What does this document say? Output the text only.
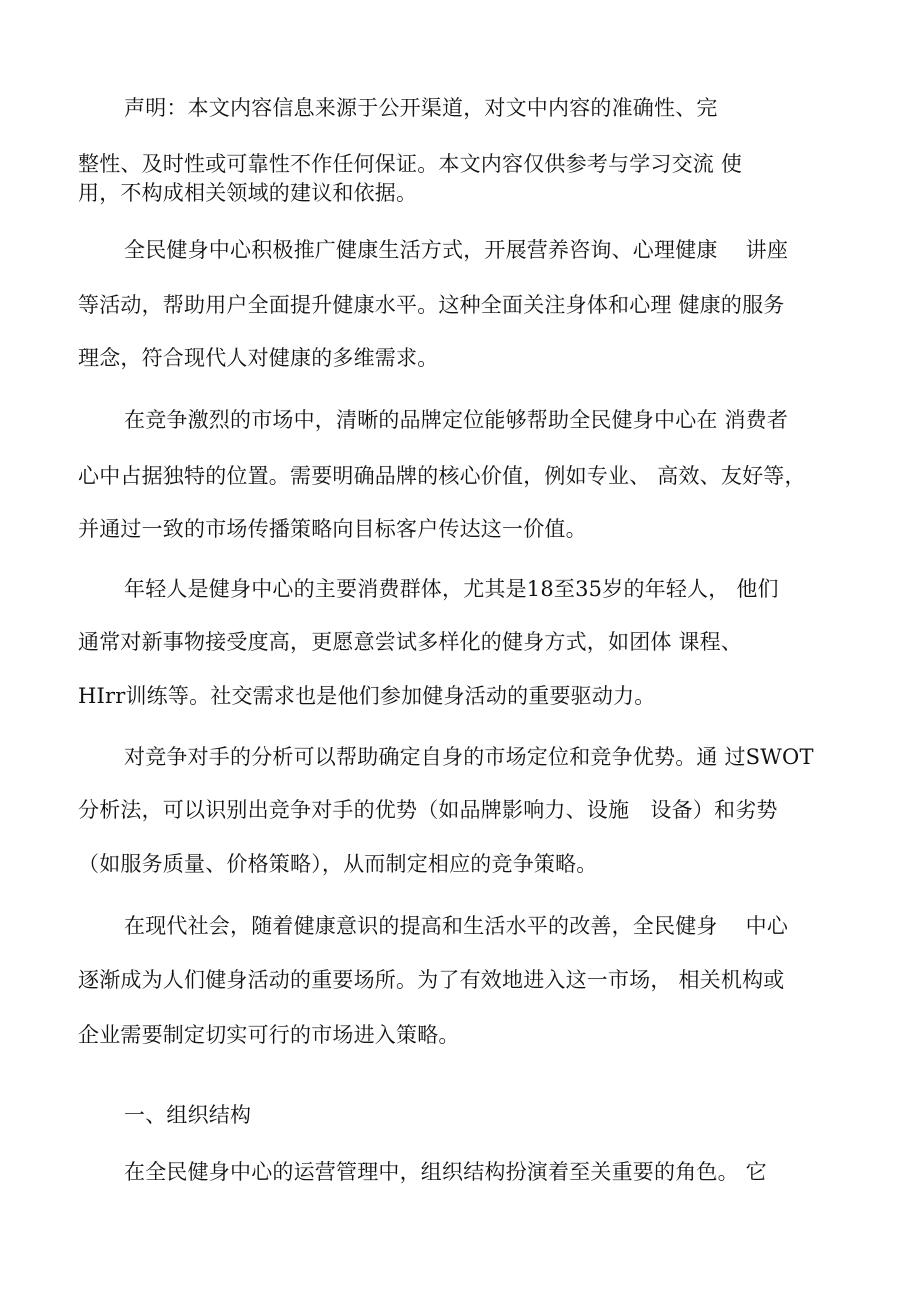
声明：本文内容信息来源于公开渠道，对文中内容的准确性、完
整性、及时性或可靠性不作任何保证。本文内容仅供参考与学习交流 使
用，不构成相关领域的建议和依据。
全民健身中心积极推广健康生活方式，开展营养咨询、心理健康　 讲座
等活动，帮助用户全面提升健康水平。这种全面关注身体和心理 健康的服务
理念，符合现代人对健康的多维需求。
在竞争激烈的市场中，清晰的品牌定位能够帮助全民健身中心在 消费者
心中占据独特的位置。需要明确品牌的核心价值，例如专业、 高效、友好等，
并通过一致的市场传播策略向目标客户传达这一价值。
年轻人是健身中心的主要消费群体，尤其是18至35岁的年轻人， 他们
通常对新事物接受度高，更愿意尝试多样化的健身方式，如团体 课程、
HIrr训练等。社交需求也是他们参加健身活动的重要驱动力。
对竞争对手的分析可以帮助确定自身的市场定位和竞争优势。通 过SWOT
分析法，可以识别出竞争对手的优势（如品牌影响力、设施　设备）和劣势
（如服务质量、价格策略），从而制定相应的竞争策略。
在现代社会，随着健康意识的提高和生活水平的改善，全民健身　 中心
逐渐成为人们健身活动的重要场所。为了有效地进入这一市场， 相关机构或
企业需要制定切实可行的市场进入策略。
一、组织结构
在全民健身中心的运营管理中，组织结构扮演着至关重要的角色。 它
